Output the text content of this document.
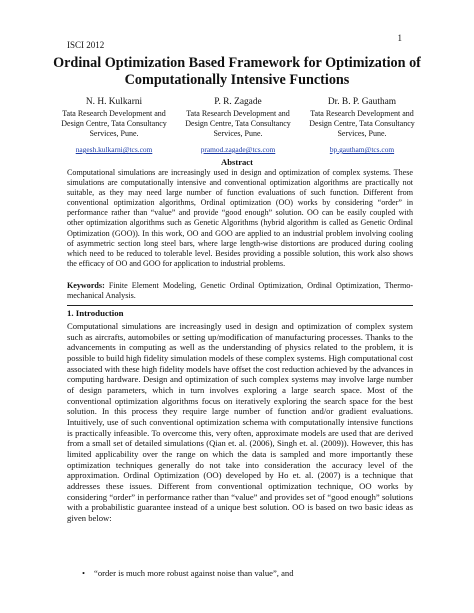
1
ISCI 2012
Ordinal Optimization Based Framework for Optimization of Computationally Intensive Functions
N. H. Kulkarni
Tata Research Development and Design Centre, Tata Consultancy Services, Pune.
nagesh.kulkarni@tcs.com
P. R. Zagade
Tata Research Development and Design Centre, Tata Consultancy Services, Pune.
pramod.zagade@tcs.com
Dr. B. P. Gautham
Tata Research Development and Design Centre, Tata Consultancy Services, Pune.
bp.gautham@tcs.com
Abstract
Computational simulations are increasingly used in design and optimization of complex systems. These simulations are computationally intensive and conventional optimization algorithms are practically not suitable, as they may need large number of function evaluations of such function. Different from conventional optimization algorithms, Ordinal optimization (OO) works by considering “order” in performance rather than “value” and provide “good enough” solution. OO can be easily coupled with other optimization algorithms such as Genetic Algorithms (hybrid algorithm is called as Genetic Ordinal Optimization (GOO)). In this work, OO and GOO are applied to an industrial problem involving cooling of asymmetric section long steel bars, where large length-wise distortions are produced during cooling which need to be reduced to tolerable level. Besides providing a possible solution, this work also shows the efficacy of OO and GOO for application to industrial problems.
Keywords: Finite Element Modeling, Genetic Ordinal Optimization, Ordinal Optimization, Thermo-mechanical Analysis.
1. Introduction
Computational simulations are increasingly used in design and optimization of complex system such as aircrafts, automobiles or setting up/modification of manufacturing processes. Thanks to the advancements in computing as well as the understanding of physics related to the problem, it is possible to build high fidelity simulation models of these complex systems. High computational cost associated with these high fidelity models have offset the cost reduction achieved by the advances in computing hardware. Design and optimization of such complex systems may involve large number of design parameters, which in turn involves exploring a large search space. Most of the conventional optimization algorithms focus on iteratively exploring the search space for the best solution. In this process they require large number of function and/or gradient evaluations. Intuitively, use of such conventional optimization schema with computationally intensive functions is practically infeasible. To overcome this, very often, approximate models are used that are derived from a small set of detailed simulations (Qian et. al. (2006), Singh et. al. (2009)). However, this has limited applicability over the range on which the data is sampled and more importantly these optimization techniques generally do not take into consideration the accuracy level of the approximation. Ordinal Optimization (OO) developed by Ho et. al. (2007) is a technique that addresses these issues. Different from conventional optimization technique, OO works by considering “order” in performance rather than “value” and provides set of “good enough” solutions with a probabilistic guarantee instead of a unique best solution. OO is based on two basic ideas as given below:
•	“order is much more robust against noise than value”, and
